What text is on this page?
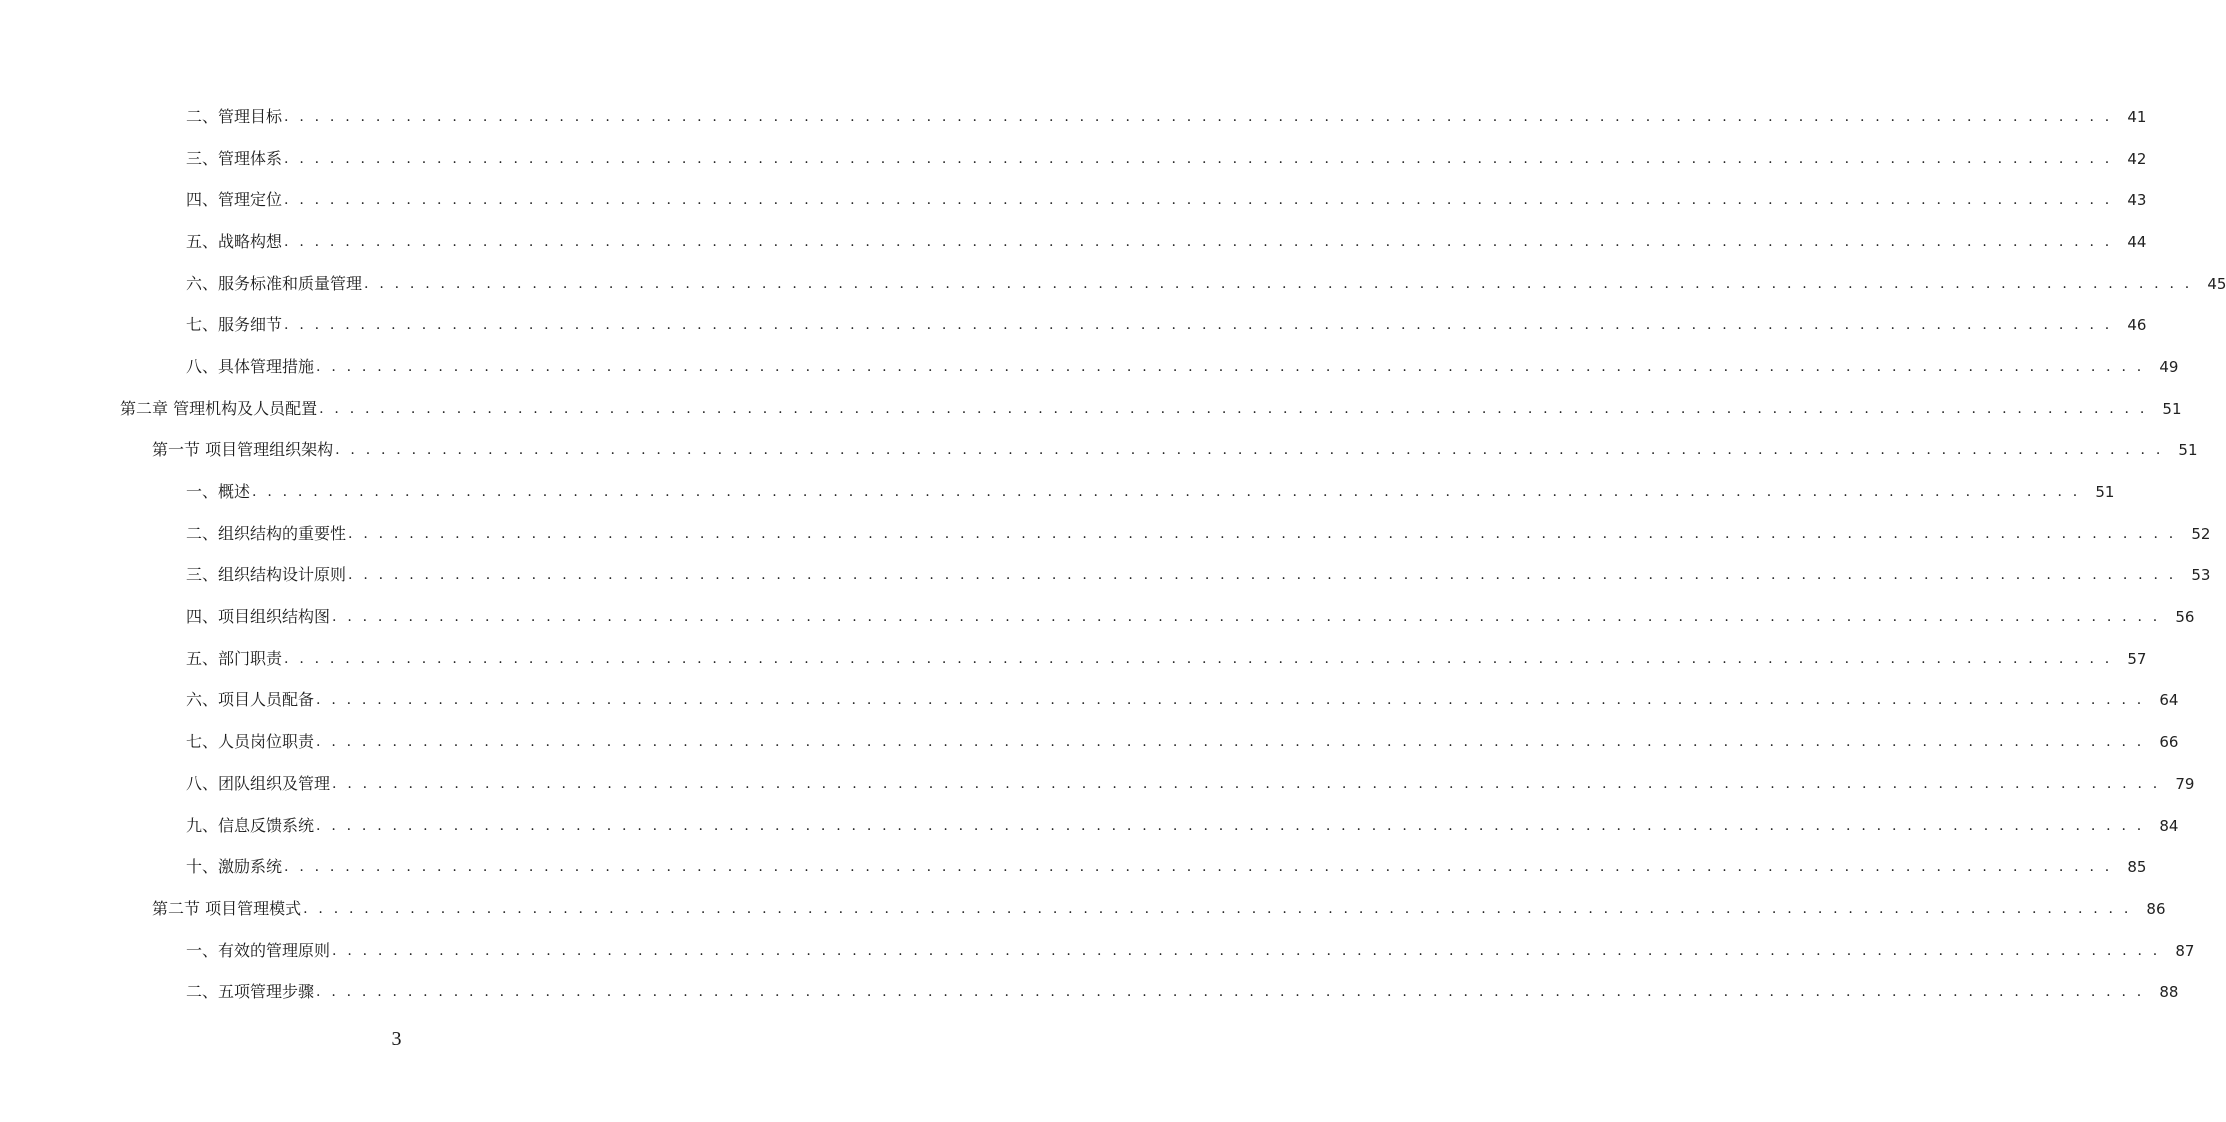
二、管理目标 . . . . . . . . . . . . . . . . . . . . . . . . . . . . . . . . . . . . . . . . . . . . . . . . . . . . . . . . . . . . . . . . . . . . . . . . . . . . . . . . . . . . . . . . . . . . . . . . . . . . . . . . . . . . . . . . . . . . . . . . 41
三、管理体系 . . . . . . . . . . . . . . . . . . . . . . . . . . . . . . . . . . . . . . . . . . . . . . . . . . . . . . . . . . . . . . . . . . . . . . . . . . . . . . . . . . . . . . . . . . . . . . . . . . . . . . . . . . . . . . . . . . . . . . . . 42
四、管理定位 . . . . . . . . . . . . . . . . . . . . . . . . . . . . . . . . . . . . . . . . . . . . . . . . . . . . . . . . . . . . . . . . . . . . . . . . . . . . . . . . . . . . . . . . . . . . . . . . . . . . . . . . . . . . . . . . . . . . . . . . 43
五、战略构想 . . . . . . . . . . . . . . . . . . . . . . . . . . . . . . . . . . . . . . . . . . . . . . . . . . . . . . . . . . . . . . . . . . . . . . . . . . . . . . . . . . . . . . . . . . . . . . . . . . . . . . . . . . . . . . . . . . . . . . . . 44
六、服务标准和质量管理 . . . . . . . . . . . . . . . . . . . . . . . . . . . . . . . . . . . . . . . . . . . . . . . . . . . . . . . . . . . . . . . . . . . . . . . . . . . . . . . . . . . . . . . . . . . . . . . . . . . . . . . . . . . . . . . . . . . . . . . . 45
七、服务细节 . . . . . . . . . . . . . . . . . . . . . . . . . . . . . . . . . . . . . . . . . . . . . . . . . . . . . . . . . . . . . . . . . . . . . . . . . . . . . . . . . . . . . . . . . . . . . . . . . . . . . . . . . . . . . . . . . . . . . . . . 46
八、具体管理措施 . . . . . . . . . . . . . . . . . . . . . . . . . . . . . . . . . . . . . . . . . . . . . . . . . . . . . . . . . . . . . . . . . . . . . . . . . . . . . . . . . . . . . . . . . . . . . . . . . . . . . . . . . . . . . . . . . . . . . . . . 49
第二章 管理机构及人员配置 . . . . . . . . . . . . . . . . . . . . . . . . . . . . . . . . . . . . . . . . . . . . . . . . . . . . . . . . . . . . . . . . . . . . . . . . . . . . . . . . . . . . . . . . . . . . . . . . . . . . . . . . . . . . . . . . . . . . . . . . 51
第一节 项目管理组织架构 . . . . . . . . . . . . . . . . . . . . . . . . . . . . . . . . . . . . . . . . . . . . . . . . . . . . . . . . . . . . . . . . . . . . . . . . . . . . . . . . . . . . . . . . . . . . . . . . . . . . . . . . . . . . . . . . . . . . . . . . 51
一、概述 . . . . . . . . . . . . . . . . . . . . . . . . . . . . . . . . . . . . . . . . . . . . . . . . . . . . . . . . . . . . . . . . . . . . . . . . . . . . . . . . . . . . . . . . . . . . . . . . . . . . . . . . . . . . . . . . . . . . . . . . 51
二、组织结构的重要性 . . . . . . . . . . . . . . . . . . . . . . . . . . . . . . . . . . . . . . . . . . . . . . . . . . . . . . . . . . . . . . . . . . . . . . . . . . . . . . . . . . . . . . . . . . . . . . . . . . . . . . . . . . . . . . . . . . . . . . . . 52
三、组织结构设计原则 . . . . . . . . . . . . . . . . . . . . . . . . . . . . . . . . . . . . . . . . . . . . . . . . . . . . . . . . . . . . . . . . . . . . . . . . . . . . . . . . . . . . . . . . . . . . . . . . . . . . . . . . . . . . . . . . . . . . . . . . 53
四、项目组织结构图 . . . . . . . . . . . . . . . . . . . . . . . . . . . . . . . . . . . . . . . . . . . . . . . . . . . . . . . . . . . . . . . . . . . . . . . . . . . . . . . . . . . . . . . . . . . . . . . . . . . . . . . . . . . . . . . . . . . . . . . . 56
五、部门职责 . . . . . . . . . . . . . . . . . . . . . . . . . . . . . . . . . . . . . . . . . . . . . . . . . . . . . . . . . . . . . . . . . . . . . . . . . . . . . . . . . . . . . . . . . . . . . . . . . . . . . . . . . . . . . . . . . . . . . . . . 57
六、项目人员配备 . . . . . . . . . . . . . . . . . . . . . . . . . . . . . . . . . . . . . . . . . . . . . . . . . . . . . . . . . . . . . . . . . . . . . . . . . . . . . . . . . . . . . . . . . . . . . . . . . . . . . . . . . . . . . . . . . . . . . . . . 64
七、人员岗位职责 . . . . . . . . . . . . . . . . . . . . . . . . . . . . . . . . . . . . . . . . . . . . . . . . . . . . . . . . . . . . . . . . . . . . . . . . . . . . . . . . . . . . . . . . . . . . . . . . . . . . . . . . . . . . . . . . . . . . . . . . 66
八、团队组织及管理 . . . . . . . . . . . . . . . . . . . . . . . . . . . . . . . . . . . . . . . . . . . . . . . . . . . . . . . . . . . . . . . . . . . . . . . . . . . . . . . . . . . . . . . . . . . . . . . . . . . . . . . . . . . . . . . . . . . . . . . . 79
九、信息反馈系统 . . . . . . . . . . . . . . . . . . . . . . . . . . . . . . . . . . . . . . . . . . . . . . . . . . . . . . . . . . . . . . . . . . . . . . . . . . . . . . . . . . . . . . . . . . . . . . . . . . . . . . . . . . . . . . . . . . . . . . . . 84
十、激励系统 . . . . . . . . . . . . . . . . . . . . . . . . . . . . . . . . . . . . . . . . . . . . . . . . . . . . . . . . . . . . . . . . . . . . . . . . . . . . . . . . . . . . . . . . . . . . . . . . . . . . . . . . . . . . . . . . . . . . . . . . 85
第二节 项目管理模式 . . . . . . . . . . . . . . . . . . . . . . . . . . . . . . . . . . . . . . . . . . . . . . . . . . . . . . . . . . . . . . . . . . . . . . . . . . . . . . . . . . . . . . . . . . . . . . . . . . . . . . . . . . . . . . . . . . . . . . . . 86
一、有效的管理原则 . . . . . . . . . . . . . . . . . . . . . . . . . . . . . . . . . . . . . . . . . . . . . . . . . . . . . . . . . . . . . . . . . . . . . . . . . . . . . . . . . . . . . . . . . . . . . . . . . . . . . . . . . . . . . . . . . . . . . . . . 87
二、五项管理步骤 . . . . . . . . . . . . . . . . . . . . . . . . . . . . . . . . . . . . . . . . . . . . . . . . . . . . . . . . . . . . . . . . . . . . . . . . . . . . . . . . . . . . . . . . . . . . . . . . . . . . . . . . . . . . . . . . . . . . . . . . 88
3
